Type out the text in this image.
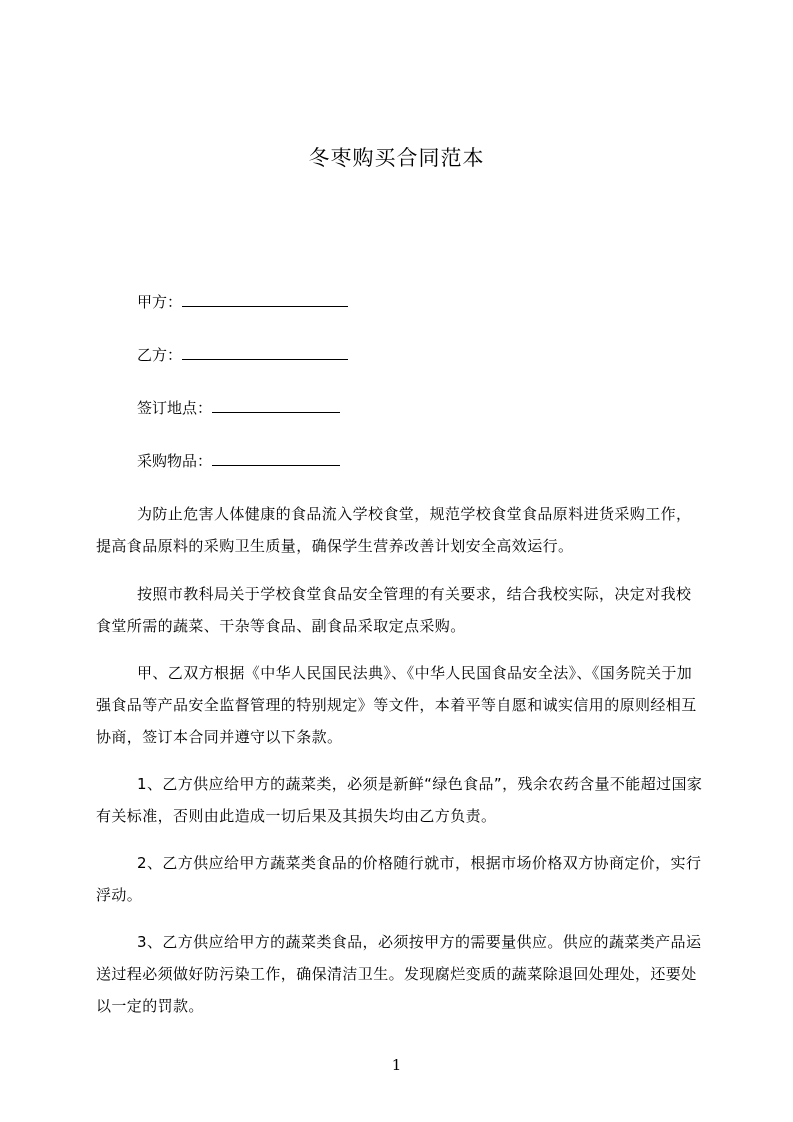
冬枣购买合同范本
甲方：
乙方：
签订地点：
采购物品：

为防止危害人体健康的食品流入学校食堂，规范学校食堂食品原料进货采购工作，提高食品原料的采购卫生质量，确保学生营养改善计划安全高效运行。

按照市教科局关于学校食堂食品安全管理的有关要求，结合我校实际，决定对我校食堂所需的蔬菜、干杂等食品、副食品采取定点采购。

甲、乙双方根据《中华人民国民法典》、《中华人民国食品安全法》、《国务院关于加强食品等产品安全监督管理的特别规定》等文件，本着平等自愿和诚实信用的原则经相互协商，签订本合同并遵守以下条款。

1、乙方供应给甲方的蔬菜类，必须是新鲜“绿色食品”，残余农药含量不能超过国家有关标准，否则由此造成一切后果及其损失均由乙方负责。

2、乙方供应给甲方蔬菜类食品的价格随行就市，根据市场价格双方协商定价，实行浮动。

3、乙方供应给甲方的蔬菜类食品，必须按甲方的需要量供应。供应的蔬菜类产品运送过程必须做好防污染工作，确保清洁卫生。发现腐烂变质的蔬菜除退回处理处，还要处以一定的罚款。

1
